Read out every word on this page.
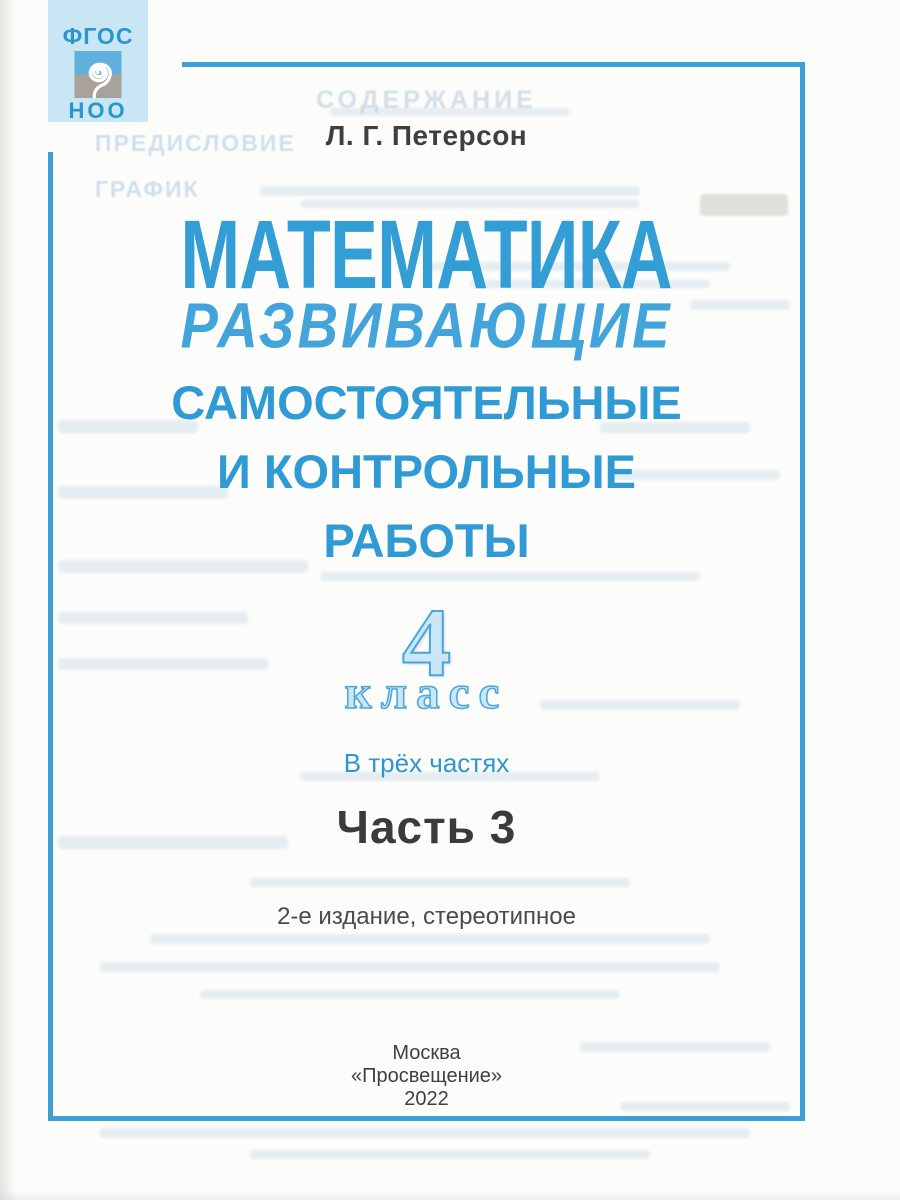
СОДЕРЖАНИЕ
ПРЕДИСЛОВИЕ
ГРАФИК
ФГОС
НОО
Л. Г. Петерсон
МАТЕМАТИКА
РАЗВИВАЮЩИЕ
САМОСТОЯТЕЛЬНЫЕ
И КОНТРОЛЬНЫЕ
РАБОТЫ
4
класс
В трёх частях
Часть 3
2-е издание, стереотипное
Москва
«Просвещение»
2022
